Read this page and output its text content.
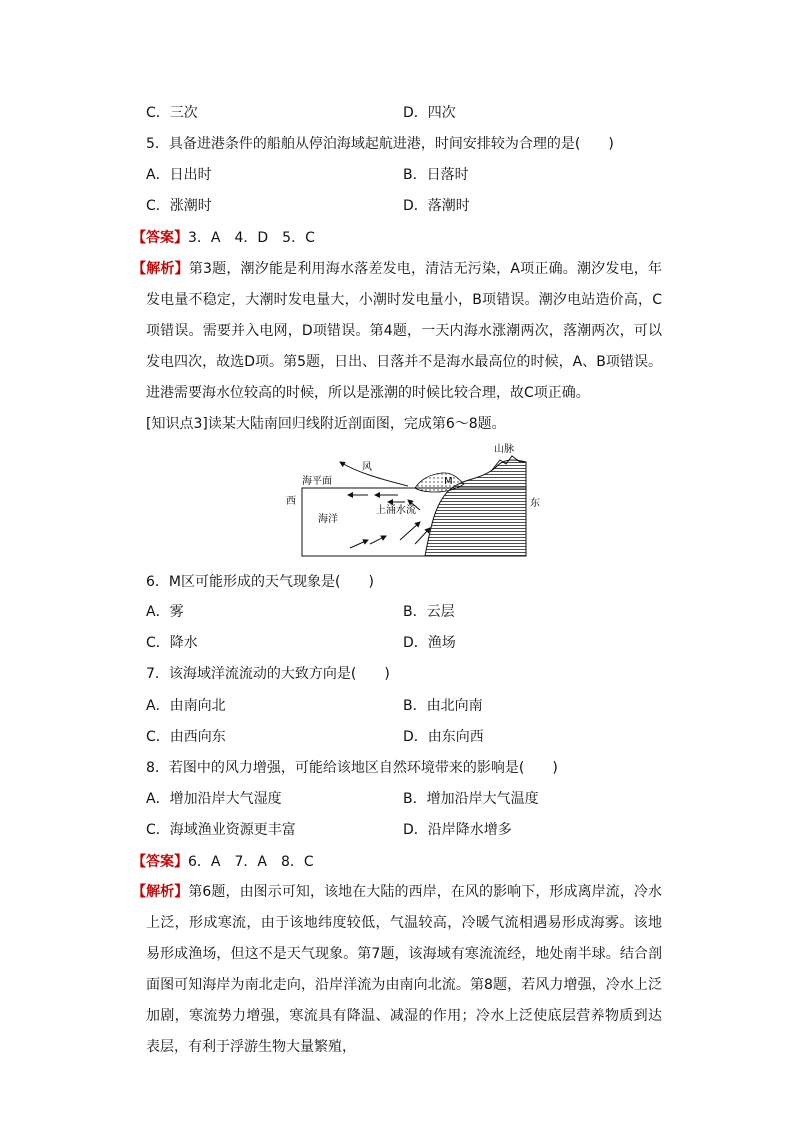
C．三次	D．四次
5．具备进港条件的船舶从停泊海域起航进港，时间安排较为合理的是(　　)
A．日出时	B．日落时
C．涨潮时	D．落潮时
【答案】3．A　4．D　5．C
【解析】第3题，潮汐能是利用海水落差发电，清洁无污染，A项正确。潮汐发电，年发电量不稳定，大潮时发电量大，小潮时发电量小，B项错误。潮汐电站造价高，C项错误。需要并入电网，D项错误。第4题，一天内海水涨潮两次，落潮两次，可以发电四次，故选D项。第5题，日出、日落并不是海水最高位的时候，A、B项错误。进港需要海水位较高的时候，所以是涨潮的时候比较合理，故C项正确。
[知识点3]读某大陆南回归线附近剖面图，完成第6～8题。
山脉
风
海平面
西	东
M
上涌水流
海洋
6．M区可能形成的天气现象是(　　)
A．雾	B．云层
C．降水	D．渔场
7．该海域洋流流动的大致方向是(　　)
A．由南向北	B．由北向南
C．由西向东	D．由东向西
8．若图中的风力增强，可能给该地区自然环境带来的影响是(　　)
A．增加沿岸大气湿度	B．增加沿岸大气温度
C．海域渔业资源更丰富	D．沿岸降水增多
【答案】6．A　7．A　8．C
【解析】第6题，由图示可知，该地在大陆的西岸，在风的影响下，形成离岸流，冷水上泛，形成寒流，由于该地纬度较低，气温较高，冷暖气流相遇易形成海雾。该地易形成渔场，但这不是天气现象。第7题，该海域有寒流流经，地处南半球。结合剖面图可知海岸为南北走向，沿岸洋流为由南向北流。第8题，若风力增强，冷水上泛加剧，寒流势力增强，寒流具有降温、减湿的作用；冷水上泛使底层营养物质到达表层，有利于浮游生物大量繁殖，
